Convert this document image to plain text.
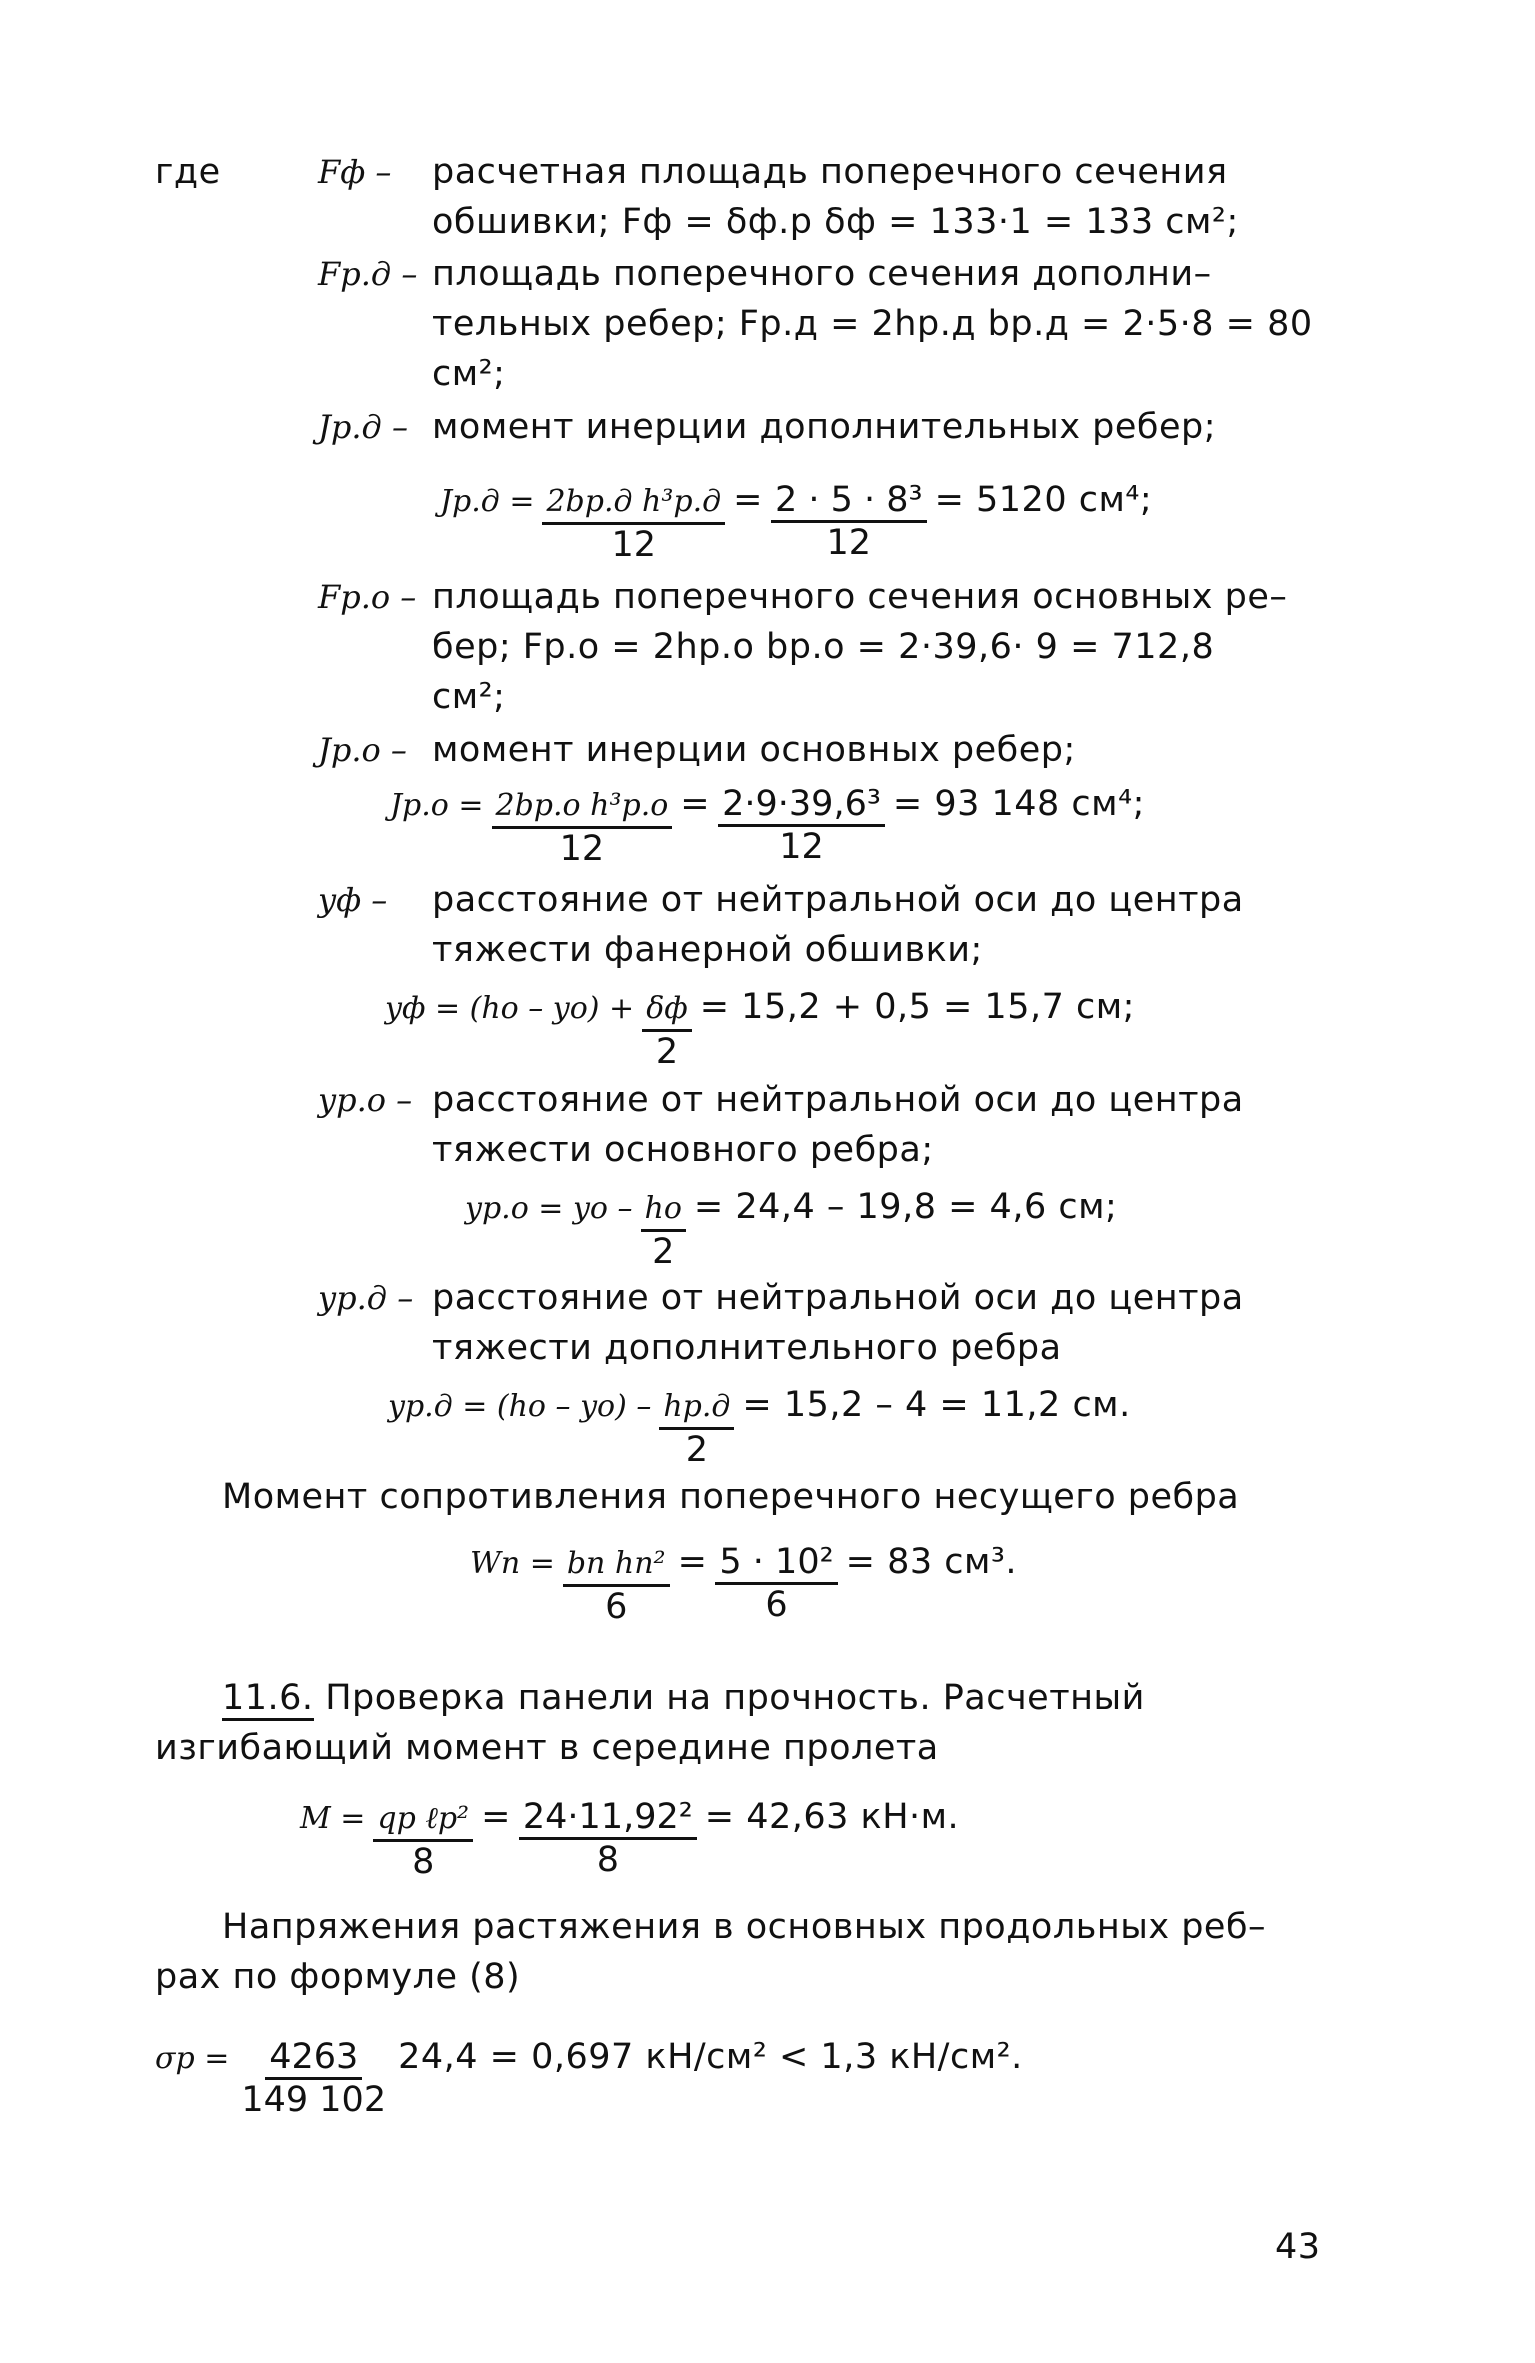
где	Fф – расчетная площадь поперечного сечения
обшивки; Fф = δф.р δф = 133·1 = 133 см²;
Fр.д – площадь поперечного сечения дополни–
тельных ребер; Fр.д = 2hр.д bр.д = 2·5·8 = 80
см²;
Jр.д – момент инерции дополнительных ребер;
$Jр.д = \frac{\text{2bр.д h³р.д}}{12} = \frac{\text{2 · 5 · 8³}}{12} = 5120$ см⁴;
Fр.о – площадь поперечного сечения основных ре–
бер; Fр.о = 2hр.о bр.о = 2·39,6· 9 = 712,8
см²;
Jр.о – момент инерции основных ребер;
$Jр.о = \frac{\text{2bр.о h³р.о}}{12} = \frac{\text{2·9·39,6³}}{12} = 93$ 148 см⁴;
yф – расстояние от нейтральной оси до центра
тяжести фанерной обшивки;
yф = $(hо - yо) + \frac{\delta ф}{2} = 15,2 + 0,5 = 15,7$ см;
yр.о – расстояние от нейтральной оси до центра
тяжести основного ребра;
yр.о = yо – $\frac{hо}{2} = 24,4 - 19,8 = 4,6$ см;
yр.д – расстояние от нейтральной оси до центра
тяжести дополнительного ребра
$yр.д = (hо - yо) - \frac{hр.д}{2} = 15,2 - 4 = 11,2$ см.
Момент сопротивления поперечного несущего ребра
Wп = $\frac{\text{bп hп²}}{6} = \frac{\text{5 · 10²}}{6} = 83$ см³.
11.6. Проверка панели на прочность. Расчетный
изгибающий момент в середине пролета
$M = \frac{\text{qр ℓр²}}{8} = \frac{\text{24·11,92²}}{8} = 42,63$ кН·м.
Напряжения растяжения в основных продольных реб–
рах по формуле (8)
$\sigma р = \frac{4263}{149 102} 24,4 = 0,697$ кН/см² < 1,3 кН/см².
43
